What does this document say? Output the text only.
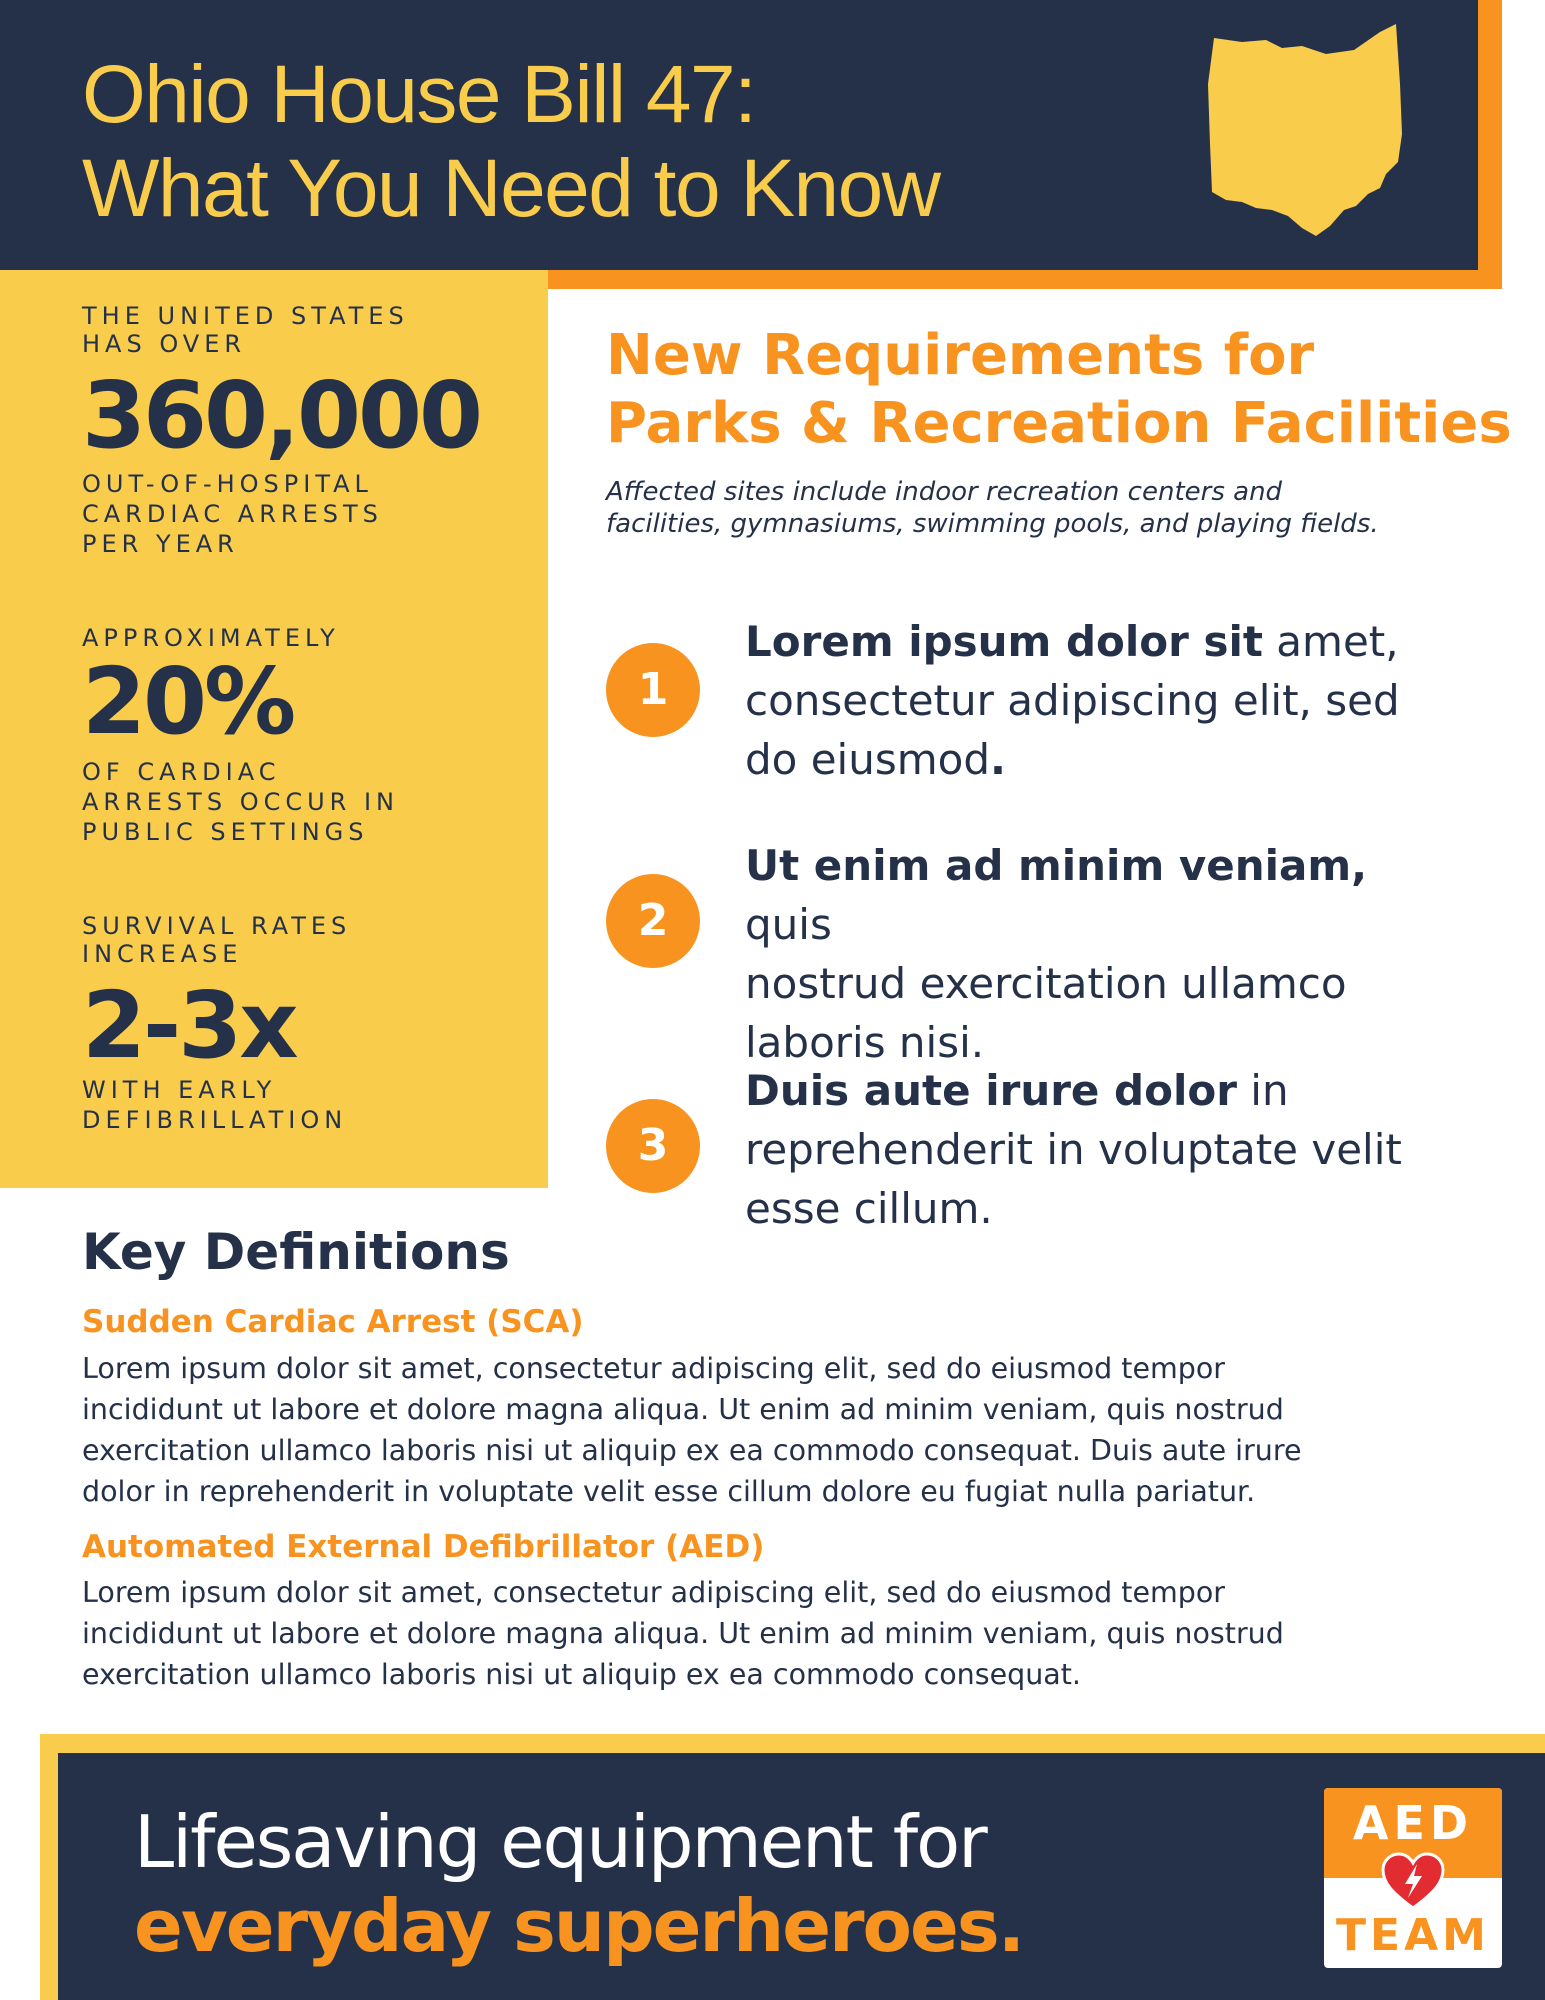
Ohio House Bill 47:
What You Need to Know
THE UNITED STATES
HAS OVER
360,000
OUT-OF-HOSPITAL
CARDIAC ARRESTS
PER YEAR
APPROXIMATELY
20%
OF CARDIAC
ARRESTS OCCUR IN
PUBLIC SETTINGS
SURVIVAL RATES
INCREASE
2-3x
WITH EARLY
DEFIBRILLATION
New Requirements for
Parks & Recreation Facilities
Affected sites include indoor recreation centers and
facilities, gymnasiums, swimming pools, and playing fields.
1
Lorem ipsum dolor sit amet,
consectetur adipiscing elit, sed
do eiusmod.
2
Ut enim ad minim veniam, quis
nostrud exercitation ullamco
laboris nisi.
3
Duis aute irure dolor in
reprehenderit in voluptate velit
esse cillum.
Key Definitions
Sudden Cardiac Arrest (SCA)
Lorem ipsum dolor sit amet, consectetur adipiscing elit, sed do eiusmod tempor
incididunt ut labore et dolore magna aliqua. Ut enim ad minim veniam, quis nostrud
exercitation ullamco laboris nisi ut aliquip ex ea commodo consequat. Duis aute irure
dolor in reprehenderit in voluptate velit esse cillum dolore eu fugiat nulla pariatur.
Automated External Defibrillator (AED)
Lorem ipsum dolor sit amet, consectetur adipiscing elit, sed do eiusmod tempor
incididunt ut labore et dolore magna aliqua. Ut enim ad minim veniam, quis nostrud
exercitation ullamco laboris nisi ut aliquip ex ea commodo consequat.
Lifesaving equipment for
everyday superheroes.
AED
TEAM
